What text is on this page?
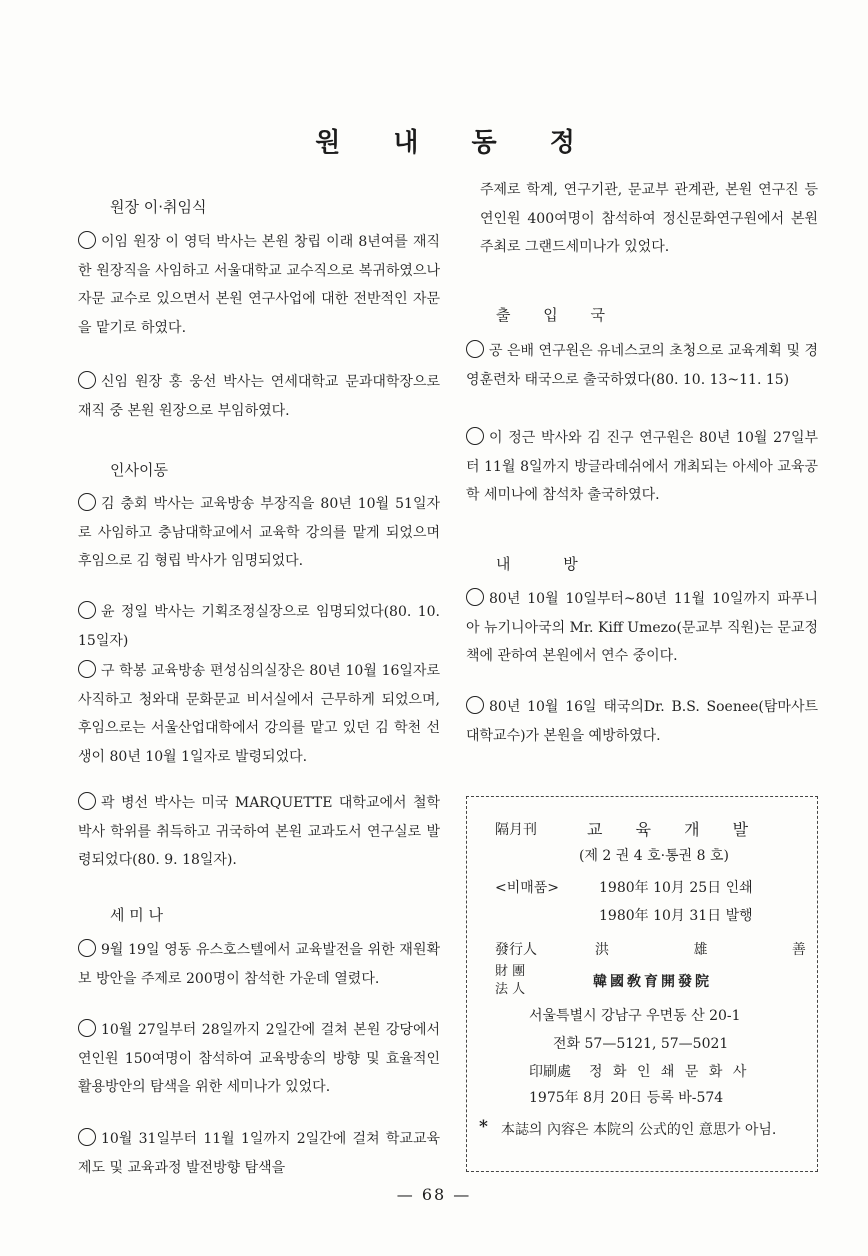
원 내 동 정
원장 이·취임식
이임 원장 이 영덕 박사는 본원 창립 이래 8년여를 재직한 원장직을 사임하고 서울대학교 교수직으로 복귀하였으나 자문 교수로 있으면서 본원 연구사업에 대한 전반적인 자문을 맡기로 하였다.
신임 원장 홍 웅선 박사는 연세대학교 문과대학장으로 재직 중 본원 원장으로 부임하였다.
인사이동
김 충회 박사는 교육방송 부장직을 80년 10월 51일자로 사임하고 충남대학교에서 교육학 강의를 맡게 되었으며 후임으로 김 형립 박사가 임명되었다.
윤 정일 박사는 기획조정실장으로 임명되었다(80. 10. 15일자)
구 학봉 교육방송 편성심의실장은 80년 10월 16일자로 사직하고 청와대 문화문교 비서실에서 근무하게 되었으며, 후임으로는 서울산업대학에서 강의를 맡고 있던 김 학천 선생이 80년 10월 1일자로 발령되었다.
곽 병선 박사는 미국 MARQUETTE 대학교에서 철학박사 학위를 취득하고 귀국하여 본원 교과도서 연구실로 발령되었다(80. 9. 18일자).
세 미 나
9월 19일 영동 유스호스텔에서 교육발전을 위한 재원확보 방안을 주제로 200명이 참석한 가운데 열렸다.
10월 27일부터 28일까지 2일간에 걸쳐 본원 강당에서 연인원 150여명이 참석하여 교육방송의 방향 및 효율적인 활용방안의 탐색을 위한 세미나가 있었다.
10월 31일부터 11월 1일까지 2일간에 걸쳐 학교교육제도 및 교육과정 발전방향 탐색을
주제로 학계, 연구기관, 문교부 관계관, 본원 연구진 등 연인원 400여명이 참석하여 정신문화연구원에서 본원 주최로 그랜드세미나가 있었다.
출 입 국
공 은배 연구원은 유네스코의 초청으로 교육계획 및 경영훈련차 태국으로 출국하였다(80. 10. 13~11. 15)
이 정근 박사와 김 진구 연구원은 80년 10월 27일부터 11월 8일까지 방글라데쉬에서 개최되는 아세아 교육공학 세미나에 참석차 출국하였다.
내 방
80년 10월 10일부터~80년 11월 10일까지 파푸니아 뉴기니아국의 Mr. Kiff Umezo(문교부 직원)는 문교정책에 관하여 본원에서 연수 중이다.
80년 10월 16일 태국의Dr. B.S. Soenee(탐마사트 대학교수)가 본원을 예방하였다.
隔月刊	교 육 개 발
(제 2 권 4 호·통권 8 호)
<비매품>	1980年 10月 25日 인쇄
1980年 10月 31日 발행
發行人	洪 雄 善
財 團
法 人	韓國敎育開發院
서울특별시 강남구 우면동 산 20-1
전화 57—5121, 57—5021
印刷處 정 화 인 쇄 문 화 사
1975年 8月 20日 등록 바-574
* 本誌의 內容은 本院의 公式的인 意思가 아님.
— 68 —
